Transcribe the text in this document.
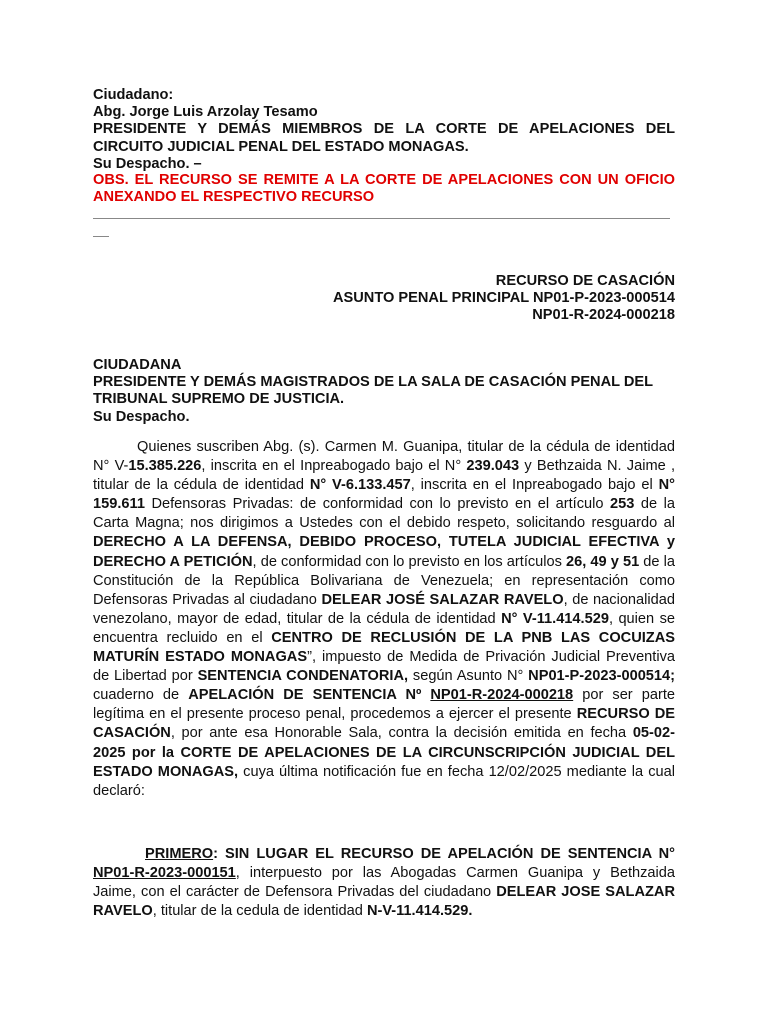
Ciudadano:
Abg. Jorge Luis Arzolay Tesamo
PRESIDENTE Y DEMÁS MIEMBROS DE LA CORTE DE APELACIONES DEL CIRCUITO JUDICIAL PENAL DEL ESTADO MONAGAS.
Su Despacho. –
OBS. EL RECURSO SE REMITE A LA CORTE DE APELACIONES CON UN OFICIO ANEXANDO EL RESPECTIVO RECURSO
RECURSO DE CASACIÓN
ASUNTO PENAL PRINCIPAL NP01-P-2023-000514
NP01-R-2024-000218
CIUDADANA
PRESIDENTE Y DEMÁS MAGISTRADOS DE LA SALA DE CASACIÓN PENAL DEL TRIBUNAL SUPREMO DE JUSTICIA.
Su Despacho.

Quienes suscriben Abg. (s). Carmen M. Guanipa, titular de la cédula de identidad N° V-15.385.226, inscrita en el Inpreabogado bajo el N° 239.043 y Bethzaida N. Jaime , titular de la cédula de identidad N° V-6.133.457, inscrita en el Inpreabogado bajo el N° 159.611 Defensoras Privadas: de conformidad con lo previsto en el artículo 253 de la Carta Magna; nos dirigimos a Ustedes con el debido respeto, solicitando resguardo al DERECHO A LA DEFENSA, DEBIDO PROCESO, TUTELA JUDICIAL EFECTIVA y DERECHO A PETICIÓN, de conformidad con lo previsto en los artículos 26, 49 y 51 de la Constitución de la República Bolivariana de Venezuela; en representación como Defensoras Privadas al ciudadano DELEAR JOSÉ SALAZAR RAVELO, de nacionalidad venezolano, mayor de edad, titular de la cédula de identidad N° V-11.414.529, quien se encuentra recluido en el CENTRO DE RECLUSIÓN DE LA PNB LAS COCUIZAS MATURÍN ESTADO MONAGAS”, impuesto de Medida de Privación Judicial Preventiva de Libertad por SENTENCIA CONDENATORIA, según Asunto N° NP01-P-2023-000514; cuaderno de APELACIÓN DE SENTENCIA Nº NP01-R-2024-000218 por ser parte legítima en el presente proceso penal, procedemos a ejercer el presente RECURSO DE CASACIÓN, por ante esa Honorable Sala, contra la decisión emitida en fecha 05-02-2025 por la CORTE DE APELACIONES DE LA CIRCUNSCRIPCIÓN JUDICIAL DEL ESTADO MONAGAS, cuya última notificación fue en fecha 12/02/2025 mediante la cual declaró:

PRIMERO: SIN LUGAR EL RECURSO DE APELACIÓN DE SENTENCIA N° NP01-R-2023-000151, interpuesto por las Abogadas Carmen Guanipa y Bethzaida Jaime, con el carácter de Defensora Privadas del ciudadano DELEAR JOSE SALAZAR RAVELO, titular de la cedula de identidad N-V-11.414.529.
